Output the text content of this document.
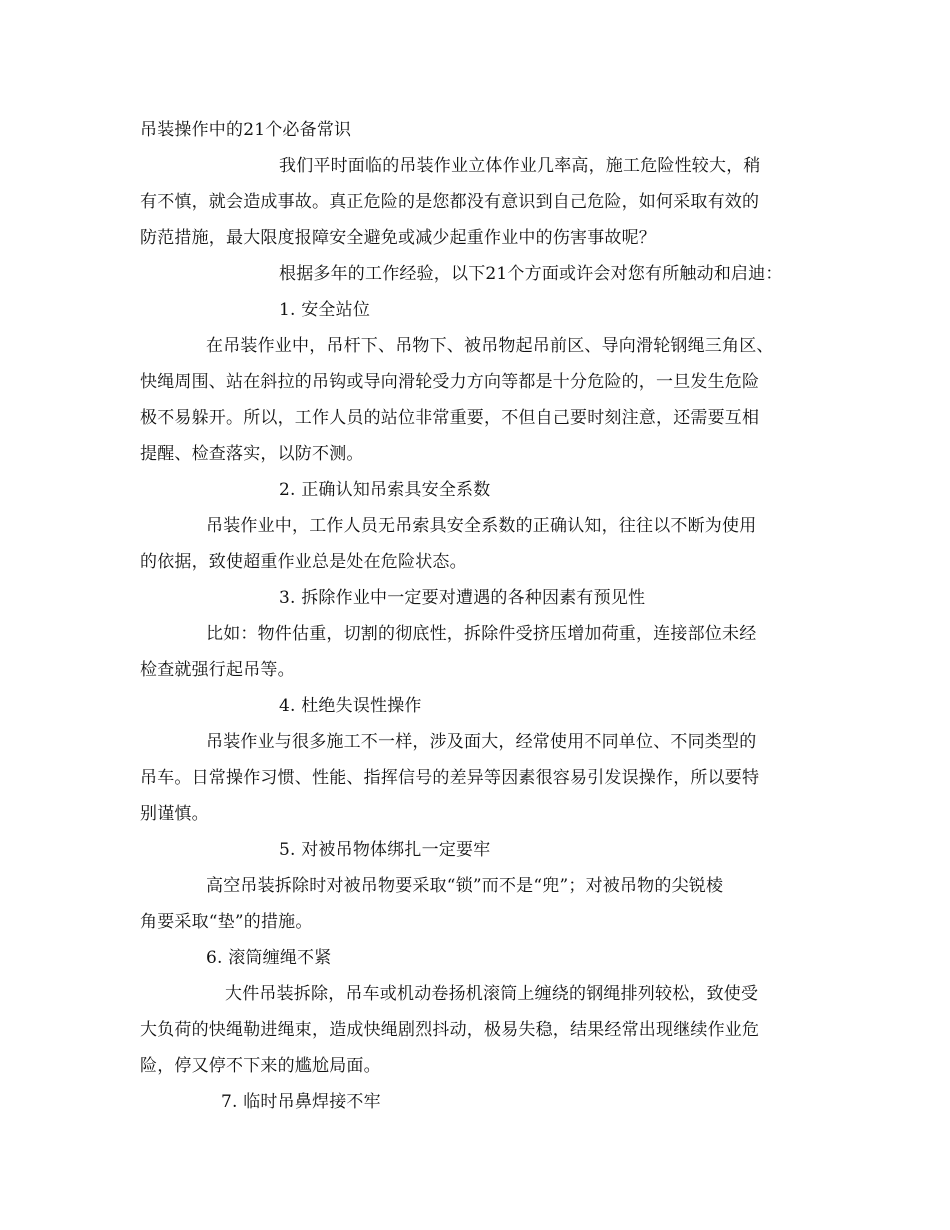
吊装操作中的21个必备常识
我们平时面临的吊装作业立体作业几率高，施工危险性较大，稍
有不慎，就会造成事故。真正危险的是您都没有意识到自己危险，如何采取有效的
防范措施，最大限度报障安全避免或减少起重作业中的伤害事故呢？
根据多年的工作经验，以下21个方面或许会对您有所触动和启迪：
1. 安全站位
在吊装作业中，吊杆下、吊物下、被吊物起吊前区、导向滑轮钢绳三角区、
快绳周围、站在斜拉的吊钩或导向滑轮受力方向等都是十分危险的，一旦发生危险
极不易躲开。所以，工作人员的站位非常重要，不但自己要时刻注意，还需要互相
提醒、检查落实，以防不测。
2. 正确认知吊索具安全系数
吊装作业中，工作人员无吊索具安全系数的正确认知，往往以不断为使用
的依据，致使超重作业总是处在危险状态。
3. 拆除作业中一定要对遭遇的各种因素有预见性
比如：物件估重，切割的彻底性，拆除件受挤压增加荷重，连接部位未经
检查就强行起吊等。
4. 杜绝失误性操作
吊装作业与很多施工不一样，涉及面大，经常使用不同单位、不同类型的
吊车。日常操作习惯、性能、指挥信号的差异等因素很容易引发误操作，所以要特
别谨慎。
5. 对被吊物体绑扎一定要牢
高空吊装拆除时对被吊物要采取“锁”而不是“兜”；对被吊物的尖锐棱
角要采取“垫”的措施。
6. 滚筒缠绳不紧
大件吊装拆除，吊车或机动卷扬机滚筒上缠绕的钢绳排列较松，致使受
大负荷的快绳勒进绳束，造成快绳剧烈抖动，极易失稳，结果经常出现继续作业危
险，停又停不下来的尴尬局面。
7. 临时吊鼻焊接不牢
